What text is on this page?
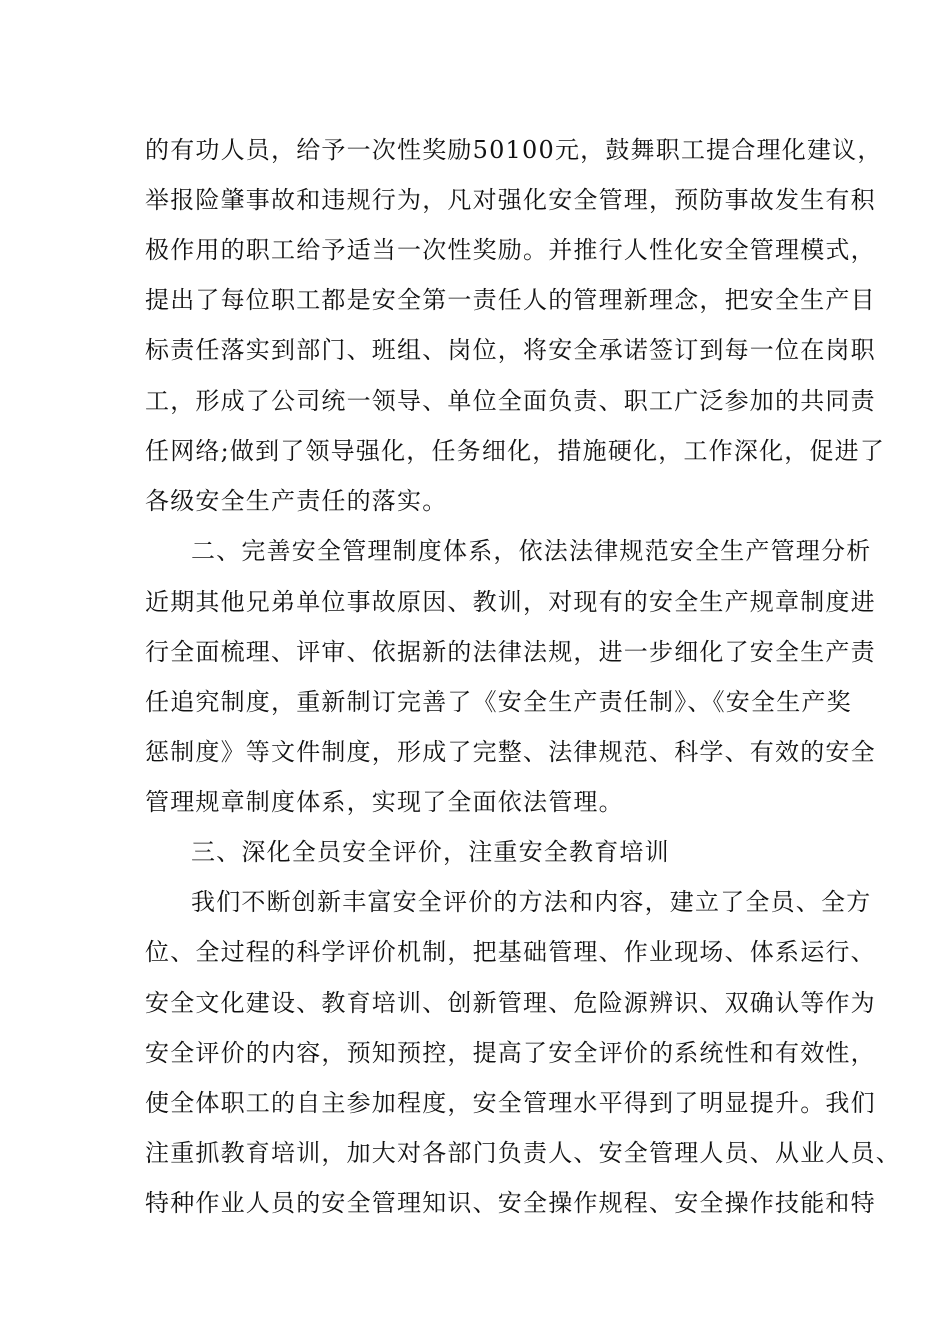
的有功人员，给予一次性奖励50100元，鼓舞职工提合理化建议，
举报险肇事故和违规行为，凡对强化安全管理，预防事故发生有积
极作用的职工给予适当一次性奖励。并推行人性化安全管理模式，
提出了每位职工都是安全第一责任人的管理新理念，把安全生产目
标责任落实到部门、班组、岗位，将安全承诺签订到每一位在岗职
工，形成了公司统一领导、单位全面负责、职工广泛参加的共同责
任网络;做到了领导强化，任务细化，措施硬化，工作深化，促进了
各级安全生产责任的落实。
二、完善安全管理制度体系，依法法律规范安全生产管理分析
近期其他兄弟单位事故原因、教训，对现有的安全生产规章制度进
行全面梳理、评审、依据新的法律法规，进一步细化了安全生产责
任追究制度，重新制订完善了《安全生产责任制》、《安全生产奖
惩制度》等文件制度，形成了完整、法律规范、科学、有效的安全
管理规章制度体系，实现了全面依法管理。
三、深化全员安全评价，注重安全教育培训
我们不断创新丰富安全评价的方法和内容，建立了全员、全方
位、全过程的科学评价机制，把基础管理、作业现场、体系运行、
安全文化建设、教育培训、创新管理、危险源辨识、双确认等作为
安全评价的内容，预知预控，提高了安全评价的系统性和有效性，
使全体职工的自主参加程度，安全管理水平得到了明显提升。我们
注重抓教育培训，加大对各部门负责人、安全管理人员、从业人员、
特种作业人员的安全管理知识、安全操作规程、安全操作技能和特
